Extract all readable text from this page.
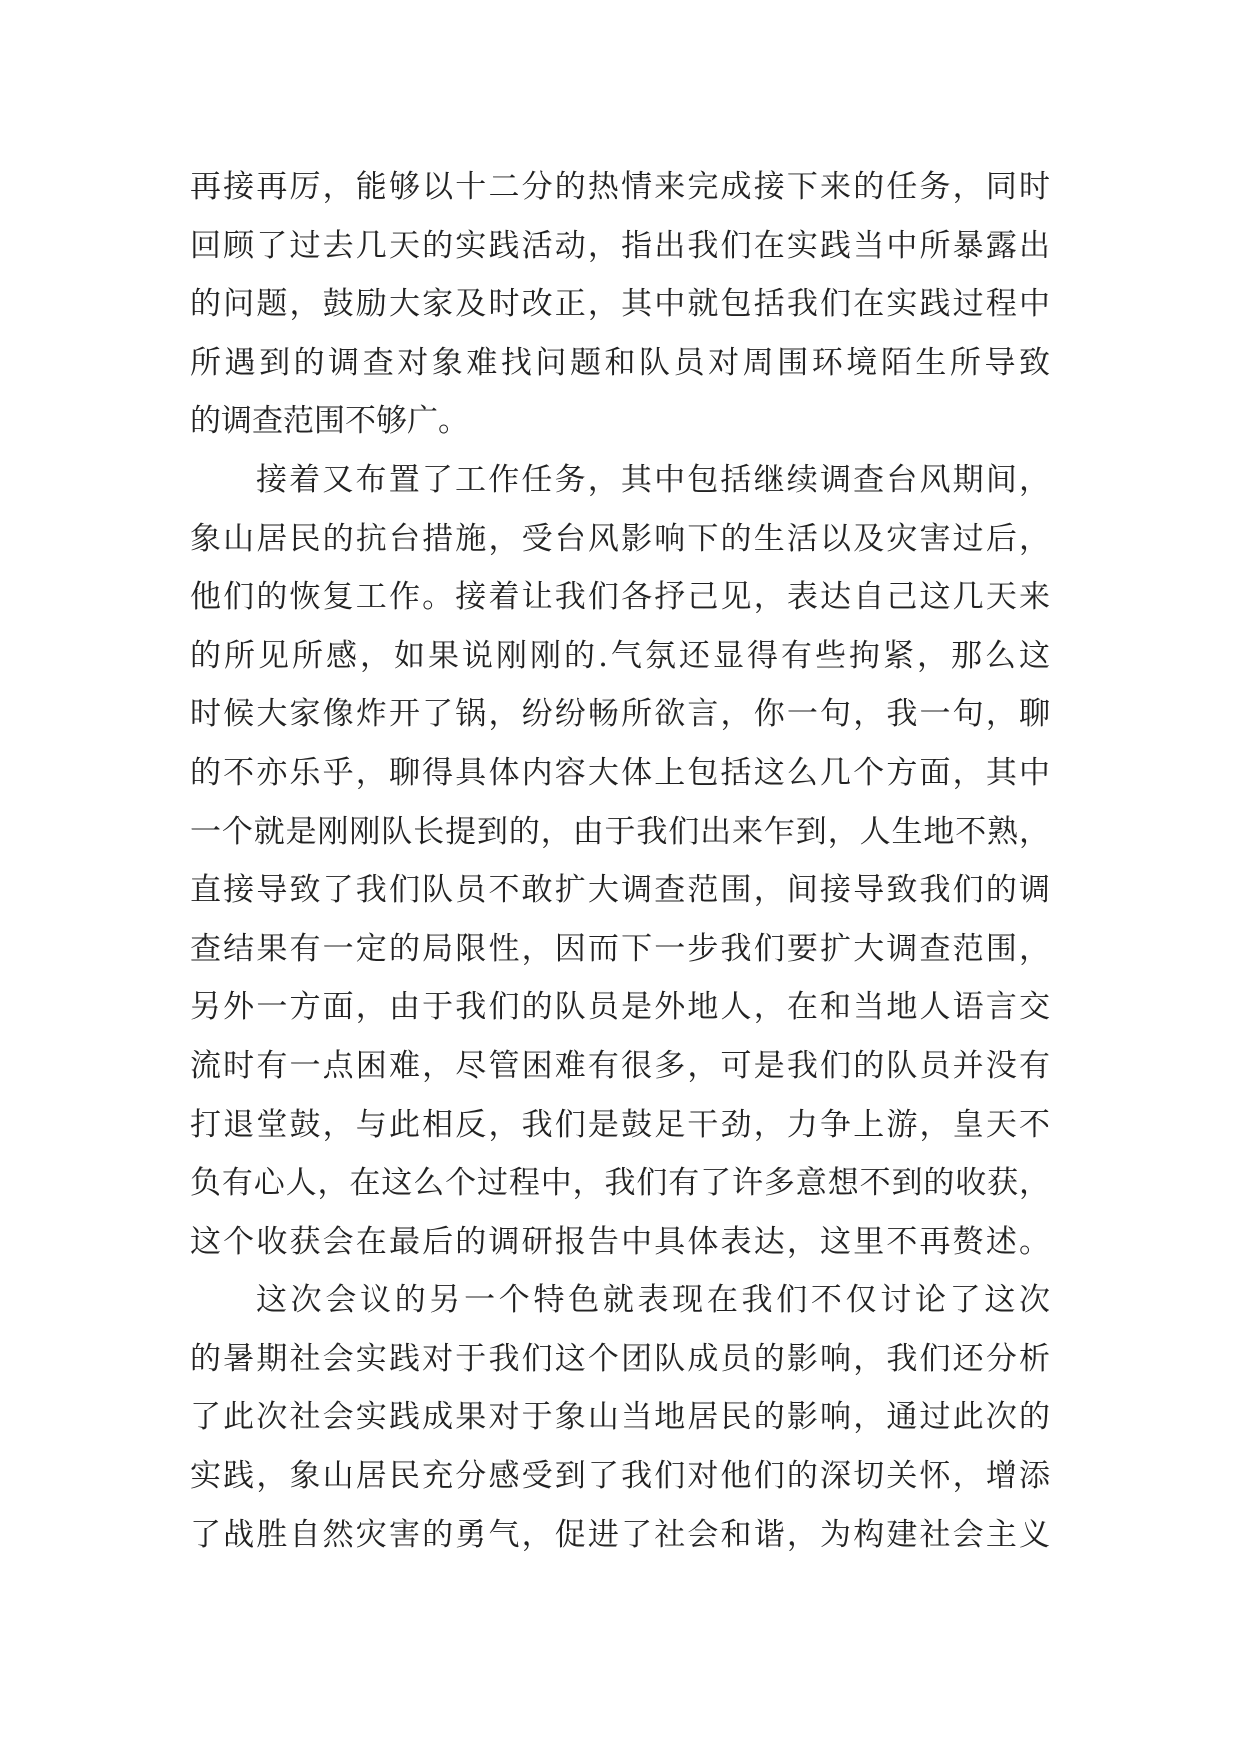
再接再厉，能够以十二分的热情来完成接下来的任务，同时
回顾了过去几天的实践活动，指出我们在实践当中所暴露出
的问题，鼓励大家及时改正，其中就包括我们在实践过程中
所遇到的调查对象难找问题和队员对周围环境陌生所导致
的调查范围不够广。
接着又布置了工作任务，其中包括继续调查台风期间，
象山居民的抗台措施，受台风影响下的生活以及灾害过后，
他们的恢复工作。接着让我们各抒己见，表达自己这几天来
的所见所感，如果说刚刚的.气氛还显得有些拘紧，那么这
时候大家像炸开了锅，纷纷畅所欲言，你一句，我一句，聊
的不亦乐乎，聊得具体内容大体上包括这么几个方面，其中
一个就是刚刚队长提到的，由于我们出来乍到，人生地不熟，
直接导致了我们队员不敢扩大调查范围，间接导致我们的调
查结果有一定的局限性，因而下一步我们要扩大调查范围，
另外一方面，由于我们的队员是外地人，在和当地人语言交
流时有一点困难，尽管困难有很多，可是我们的队员并没有
打退堂鼓，与此相反，我们是鼓足干劲，力争上游，皇天不
负有心人，在这么个过程中，我们有了许多意想不到的收获，
这个收获会在最后的调研报告中具体表达，这里不再赘述。
这次会议的另一个特色就表现在我们不仅讨论了这次
的暑期社会实践对于我们这个团队成员的影响，我们还分析
了此次社会实践成果对于象山当地居民的影响，通过此次的
实践，象山居民充分感受到了我们对他们的深切关怀，增添
了战胜自然灾害的勇气，促进了社会和谐，为构建社会主义
